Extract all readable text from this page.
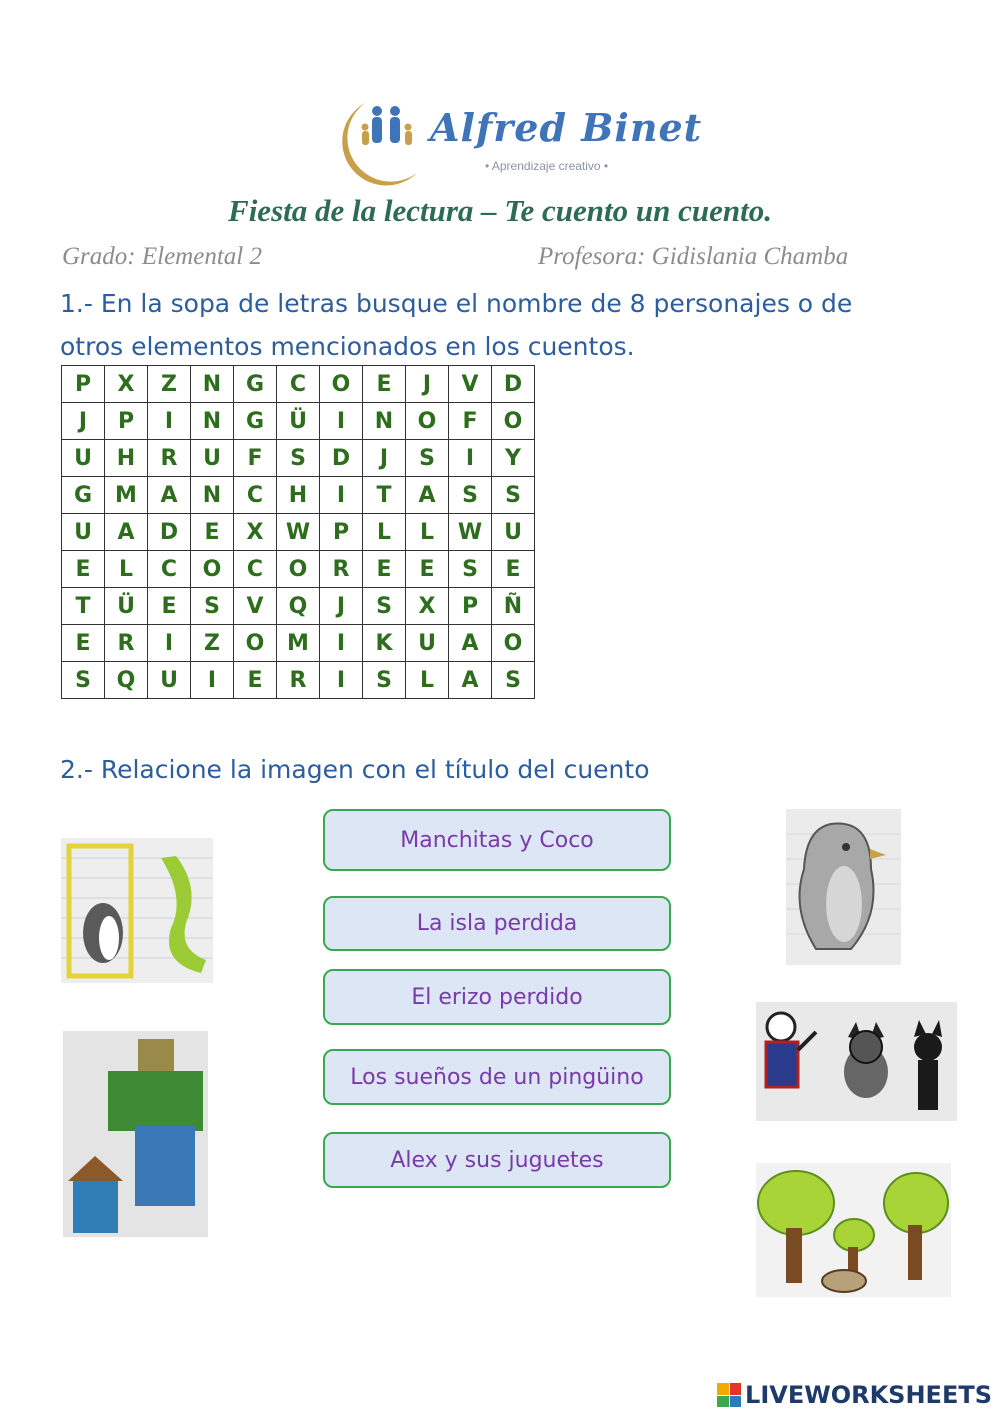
Alfred Binet
• Aprendizaje creativo •
Fiesta de la lectura – Te cuento un cuento.
Grado: Elemental 2	Profesora: Gidislania Chamba
1.- En la sopa de letras busque el nombre de 8 personajes o de
otros elementos mencionados en los cuentos.
P	X	Z	N	G	C	O	E	J	V	D
J	P	I	N	G	Ü	I	N	O	F	O
U	H	R	U	F	S	D	J	S	I	Y
G	M	A	N	C	H	I	T	A	S	S
U	A	D	E	X	W	P	L	L	W	U
E	L	C	O	C	O	R	E	E	S	E
T	Ü	E	S	V	Q	J	S	X	P	Ñ
E	R	I	Z	O	M	I	K	U	A	O
S	Q	U	I	E	R	I	S	L	A	S
2.- Relacione la imagen con el título del cuento
Manchitas y Coco
La isla perdida
El erizo perdido
Los sueños de un pingüino
Alex y sus juguetes
LIVEWORKSHEETS
